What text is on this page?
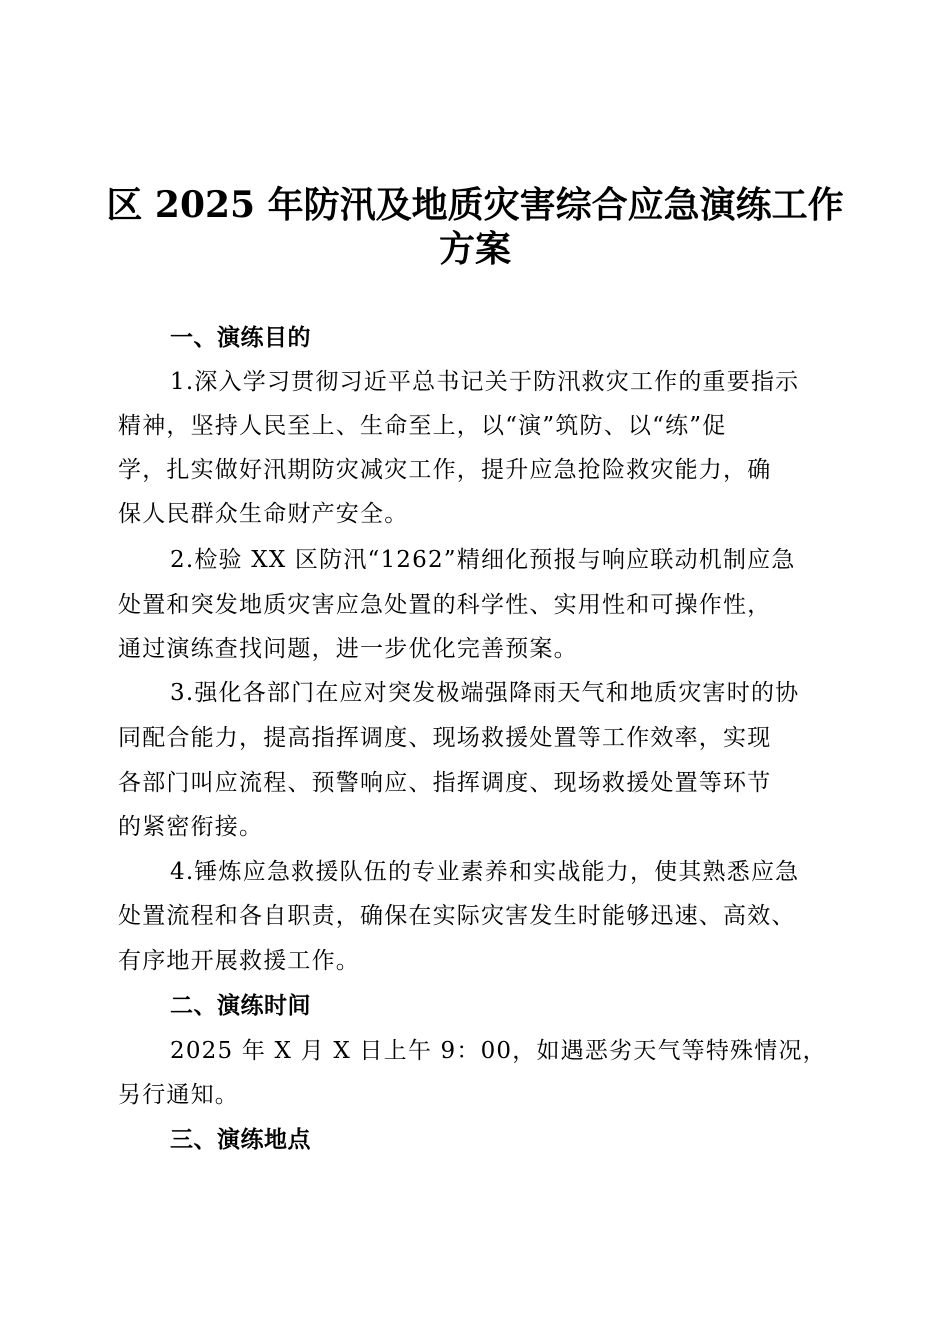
区 2025 年防汛及地质灾害综合应急演练工作
方案

一、演练目的

1.深入学习贯彻习近平总书记关于防汛救灾工作的重要指示

精神，坚持人民至上、生命至上，以“演”筑防、以“练”促

学，扎实做好汛期防灾减灾工作，提升应急抢险救灾能力，确

保人民群众生命财产安全。

2.检验 XX 区防汛“1262”精细化预报与响应联动机制应急

处置和突发地质灾害应急处置的科学性、实用性和可操作性，

通过演练查找问题，进一步优化完善预案。

3.强化各部门在应对突发极端强降雨天气和地质灾害时的协

同配合能力，提高指挥调度、现场救援处置等工作效率，实现

各部门叫应流程、预警响应、指挥调度、现场救援处置等环节

的紧密衔接。

4.锤炼应急救援队伍的专业素养和实战能力，使其熟悉应急

处置流程和各自职责，确保在实际灾害发生时能够迅速、高效、

有序地开展救援工作。

二、演练时间

2025 年 X 月 X 日上午 9：00，如遇恶劣天气等特殊情况，

另行通知。

三、演练地点
